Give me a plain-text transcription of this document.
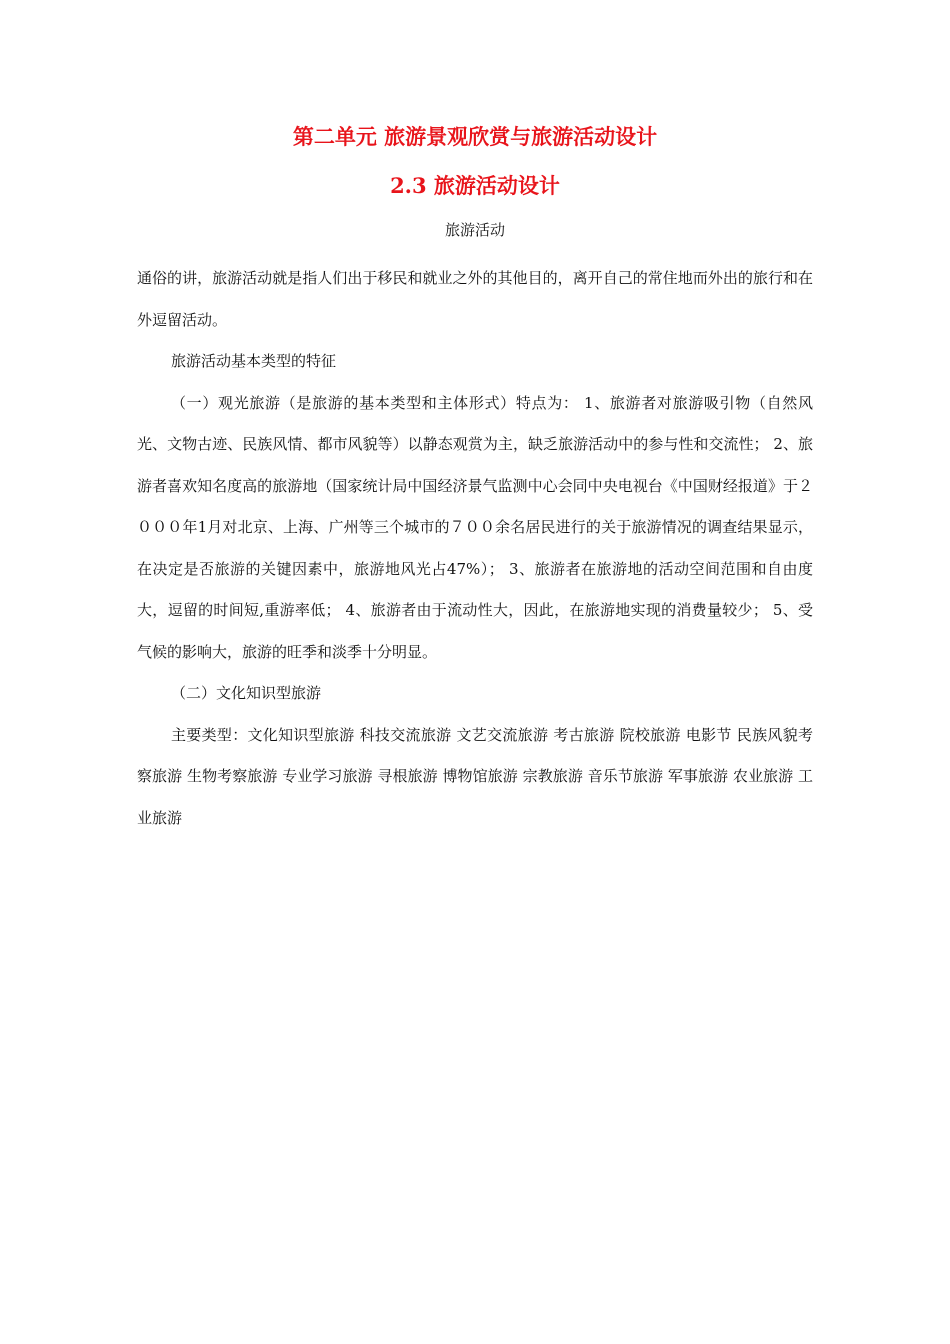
第二单元 旅游景观欣赏与旅游活动设计
2.3 旅游活动设计
旅游活动

通俗的讲，旅游活动就是指人们出于移民和就业之外的其他目的，离开自己的常住地而外出的旅行和在外逗留活动。

旅游活动基本类型的特征

（一）观光旅游（是旅游的基本类型和主体形式）特点为： 1、旅游者对旅游吸引物（自然风光、文物古迹、民族风情、都市风貌等）以静态观赏为主，缺乏旅游活动中的参与性和交流性； 2、旅游者喜欢知名度高的旅游地（国家统计局中国经济景气监测中心会同中央电视台《中国财经报道》于２０００年1月对北京、上海、广州等三个城市的７００余名居民进行的关于旅游情况的调查结果显示，在决定是否旅游的关键因素中，旅游地风光占47%）； 3、旅游者在旅游地的活动空间范围和自由度大，逗留的时间短,重游率低； 4、旅游者由于流动性大，因此，在旅游地实现的消费量较少； 5、受气候的影响大，旅游的旺季和淡季十分明显。

（二）文化知识型旅游

主要类型：文化知识型旅游 科技交流旅游 文艺交流旅游 考古旅游 院校旅游 电影节 民族风貌考察旅游 生物考察旅游 专业学习旅游 寻根旅游 博物馆旅游 宗教旅游 音乐节旅游 军事旅游 农业旅游 工业旅游
